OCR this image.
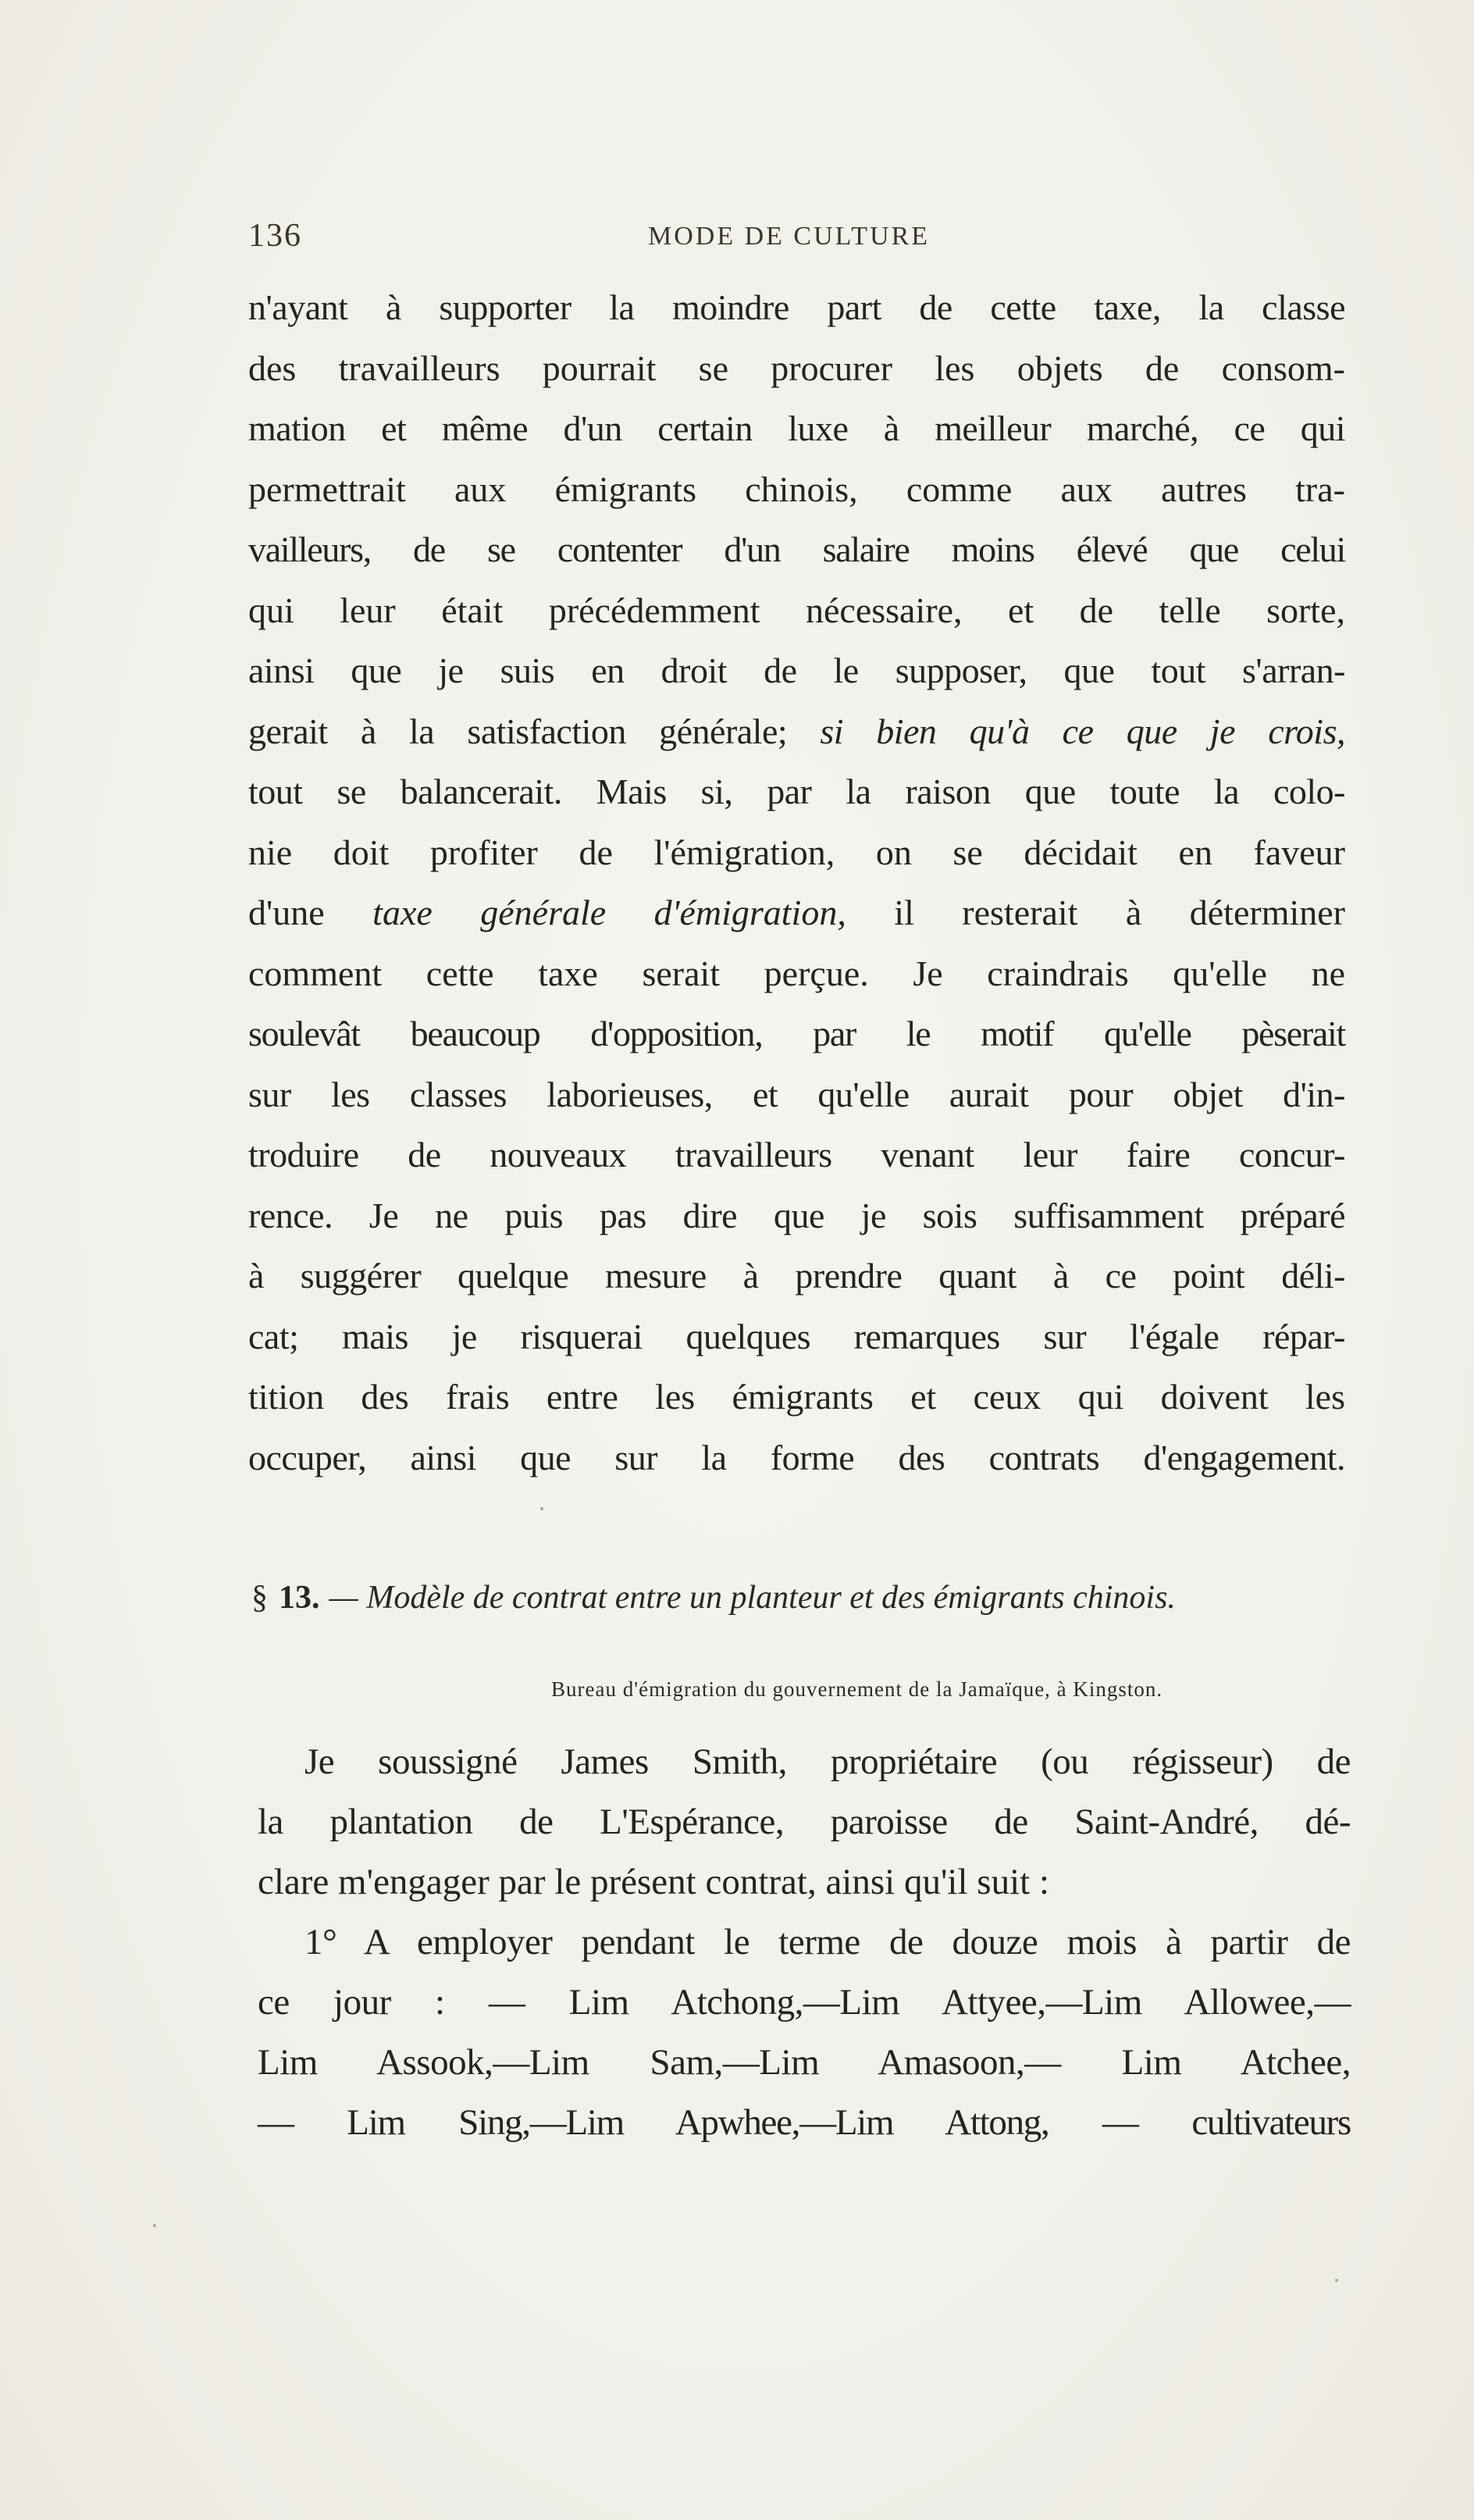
136	MODE DE CULTURE
n'ayant à supporter la moindre part de cette taxe, la classe
des travailleurs pourrait se procurer les objets de consom-
mation et même d'un certain luxe à meilleur marché, ce qui
permettrait aux émigrants chinois, comme aux autres tra-
vailleurs, de se contenter d'un salaire moins élevé que celui
qui leur était précédemment nécessaire, et de telle sorte,
ainsi que je suis en droit de le supposer, que tout s'arran-
gerait à la satisfaction générale; si bien qu'à ce que je crois,
tout se balancerait. Mais si, par la raison que toute la colo-
nie doit profiter de l'émigration, on se décidait en faveur
d'une taxe générale d'émigration, il resterait à déterminer
comment cette taxe serait perçue. Je craindrais qu'elle ne
soulevât beaucoup d'opposition, par le motif qu'elle pèserait
sur les classes laborieuses, et qu'elle aurait pour objet d'in-
troduire de nouveaux travailleurs venant leur faire concur-
rence. Je ne puis pas dire que je sois suffisamment préparé
à suggérer quelque mesure à prendre quant à ce point déli-
cat; mais je risquerai quelques remarques sur l'égale répar-
tition des frais entre les émigrants et ceux qui doivent les
occuper, ainsi que sur la forme des contrats d'engagement.
§ 13. — Modèle de contrat entre un planteur et des émigrants chinois.
Bureau d'émigration du gouvernement de la Jamaïque, à Kingston.
Je soussigné James Smith, propriétaire (ou régisseur) de
la plantation de L'Espérance, paroisse de Saint-André, dé-
clare m'engager par le présent contrat, ainsi qu'il suit :
1° A employer pendant le terme de douze mois à partir de
ce jour : — Lim Atchong,—Lim Attyee,—Lim Allowee,—
Lim Assook,—Lim Sam,—Lim Amasoon,— Lim Atchee,
— Lim Sing,—Lim Apwhee,—Lim Attong, — cultivateurs
